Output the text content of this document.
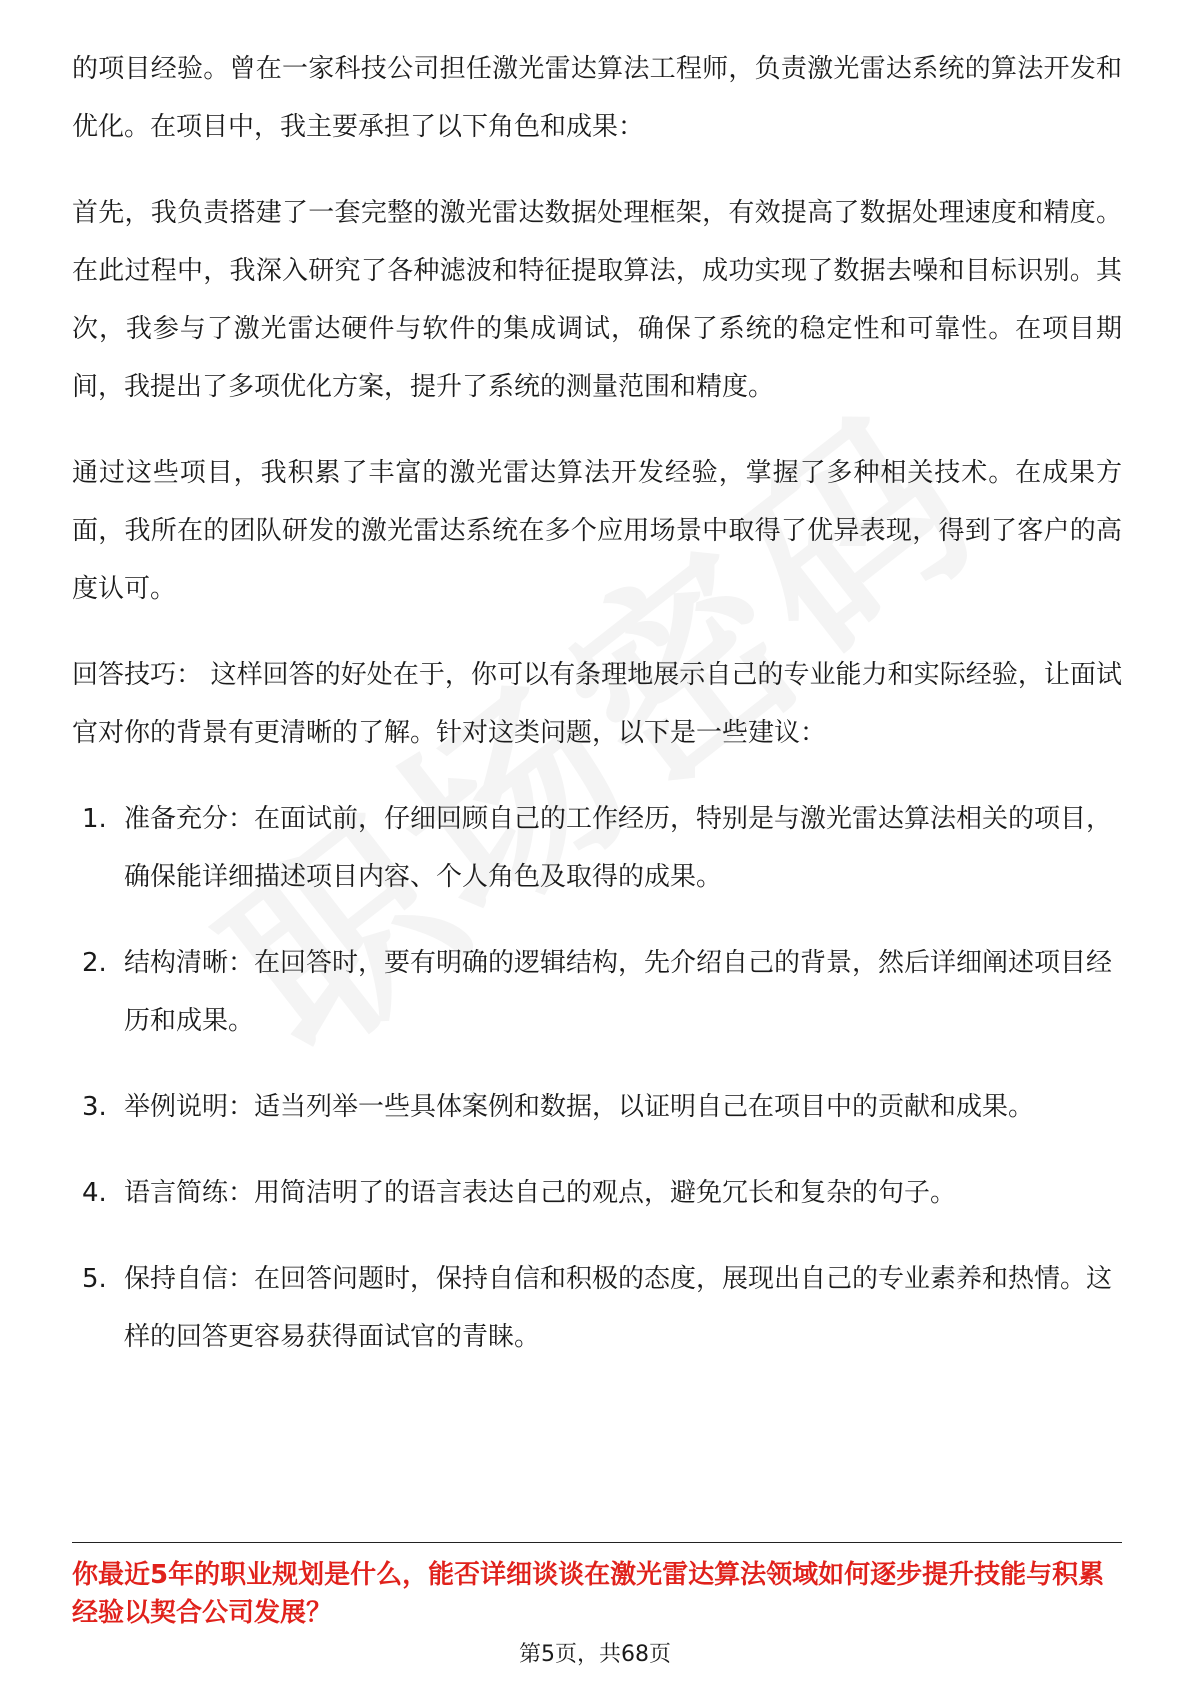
的项目经验。曾在一家科技公司担任激光雷达算法工程师，负责激光雷达系统的算法开发和优化。在项目中，我主要承担了以下角色和成果：

首先，我负责搭建了一套完整的激光雷达数据处理框架，有效提高了数据处理速度和精度。在此过程中，我深入研究了各种滤波和特征提取算法，成功实现了数据去噪和目标识别。其次，我参与了激光雷达硬件与软件的集成调试，确保了系统的稳定性和可靠性。在项目期间，我提出了多项优化方案，提升了系统的测量范围和精度。

通过这些项目，我积累了丰富的激光雷达算法开发经验，掌握了多种相关技术。在成果方面，我所在的团队研发的激光雷达系统在多个应用场景中取得了优异表现，得到了客户的高度认可。

回答技巧： 这样回答的好处在于，你可以有条理地展示自己的专业能力和实际经验，让面试官对你的背景有更清晰的了解。针对这类问题，以下是一些建议：

1. 准备充分：在面试前，仔细回顾自己的工作经历，特别是与激光雷达算法相关的项目，确保能详细描述项目内容、个人角色及取得的成果。
2. 结构清晰：在回答时，要有明确的逻辑结构，先介绍自己的背景，然后详细阐述项目经历和成果。
3. 举例说明：适当列举一些具体案例和数据，以证明自己在项目中的贡献和成果。
4. 语言简练：用简洁明了的语言表达自己的观点，避免冗长和复杂的句子。
5. 保持自信：在回答问题时，保持自信和积极的态度，展现出自己的专业素养和热情。这样的回答更容易获得面试官的青睐。

你最近5年的职业规划是什么，能否详细谈谈在激光雷达算法领域如何逐步提升技能与积累经验以契合公司发展？

第5页，共68页
